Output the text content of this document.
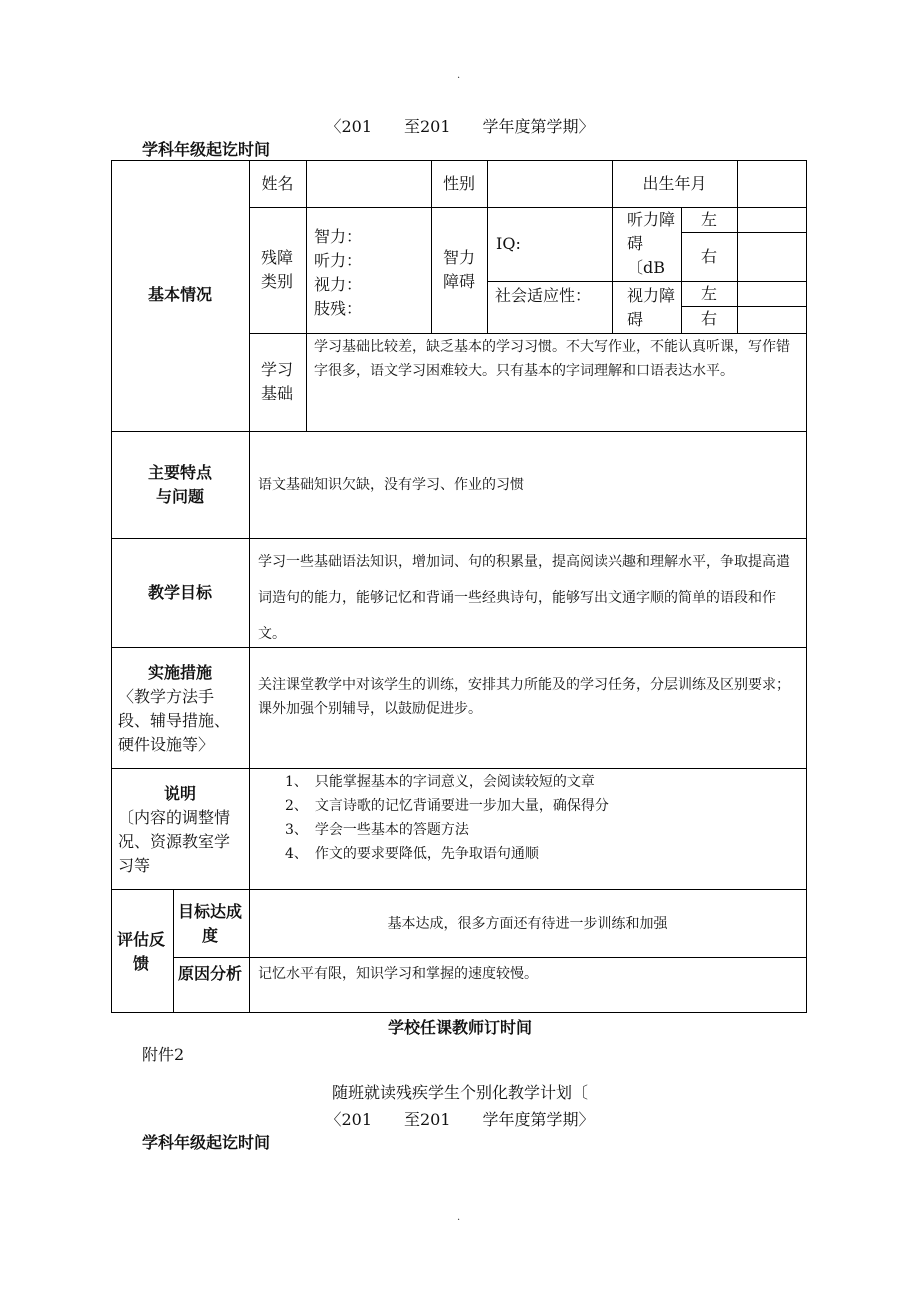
.
〈201　　至201　　学年度第学期〉
学科年级起讫时间
基本情况
姓名	性别	出生年月
残障类别
智力：
听力：
视力：
肢残：
智力障碍
IQ:
社会适应性：
听力障碍〔dB
视力障碍
左
右
左
右
学习基础
学习基础比较差，缺乏基本的学习习惯。不大写作业，不能认真听课，写作错字很多，语文学习困难较大。只有基本的字词理解和口语表达水平。
主要特点
与问题
语文基础知识欠缺，没有学习、作业的习惯
教学目标
学习一些基础语法知识，增加词、句的积累量，提高阅读兴趣和理解水平，争取提高遣词造句的能力，能够记忆和背诵一些经典诗句，能够写出文通字顺的简单的语段和作文。
实施措施
〈教学方法手段、辅导措施、硬件设施等〉
关注课堂教学中对该学生的训练，安排其力所能及的学习任务，分层训练及区别要求；课外加强个别辅导，以鼓励促进步。
说明
〔内容的调整情况、资源教室学习等
1、　只能掌握基本的字词意义，会阅读较短的文章
2、　文言诗歌的记忆背诵要进一步加大量，确保得分
3、　学会一些基本的答题方法
4、　作文的要求要降低，先争取语句通顺
评估反馈
目标达成度
基本达成，很多方面还有待进一步训练和加强
原因分析 记忆水平有限，知识学习和掌握的速度较慢。
学校任课教师订时间
附件2
随班就读残疾学生个别化教学计划〔
〈201　　至201　　学年度第学期〉
学科年级起讫时间
.
